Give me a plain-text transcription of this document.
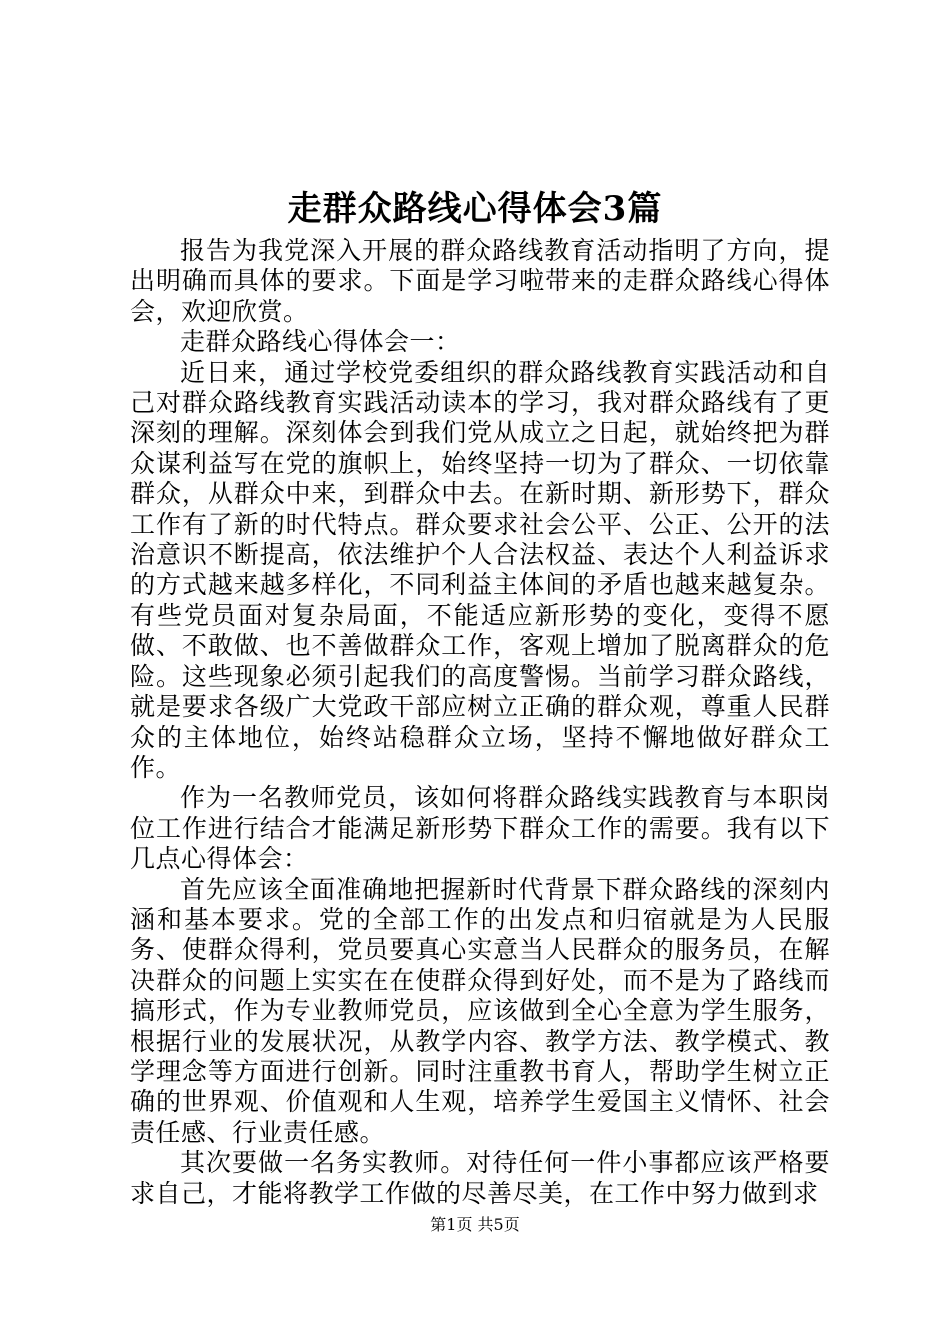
走群众路线心得体会3篇

报告为我党深入开展的群众路线教育活动指明了方向，提出明确而具体的要求。下面是学习啦带来的走群众路线心得体会，欢迎欣赏。

走群众路线心得体会一：

近日来，通过学校党委组织的群众路线教育实践活动和自己对群众路线教育实践活动读本的学习，我对群众路线有了更深刻的理解。深刻体会到我们党从成立之日起，就始终把为群众谋利益写在党的旗帜上，始终坚持一切为了群众、一切依靠群众，从群众中来，到群众中去。在新时期、新形势下，群众工作有了新的时代特点。群众要求社会公平、公正、公开的法治意识不断提高，依法维护个人合法权益、表达个人利益诉求的方式越来越多样化，不同利益主体间的矛盾也越来越复杂。有些党员面对复杂局面，不能适应新形势的变化，变得不愿做、不敢做、也不善做群众工作，客观上增加了脱离群众的危险。这些现象必须引起我们的高度警惕。当前学习群众路线，就是要求各级广大党政干部应树立正确的群众观，尊重人民群众的主体地位，始终站稳群众立场，坚持不懈地做好群众工作。

作为一名教师党员，该如何将群众路线实践教育与本职岗位工作进行结合才能满足新形势下群众工作的需要。我有以下几点心得体会：

首先应该全面准确地把握新时代背景下群众路线的深刻内涵和基本要求。党的全部工作的出发点和归宿就是为人民服务、使群众得利，党员要真心实意当人民群众的服务员，在解决群众的问题上实实在在使群众得到好处，而不是为了路线而搞形式，作为专业教师党员，应该做到全心全意为学生服务，根据行业的发展状况，从教学内容、教学方法、教学模式、教学理念等方面进行创新。同时注重教书育人，帮助学生树立正确的世界观、价值观和人生观，培养学生爱国主义情怀、社会责任感、行业责任感。

其次要做一名务实教师。对待任何一件小事都应该严格要求自己，才能将教学工作做的尽善尽美，在工作中努力做到求

第1页 共5页
